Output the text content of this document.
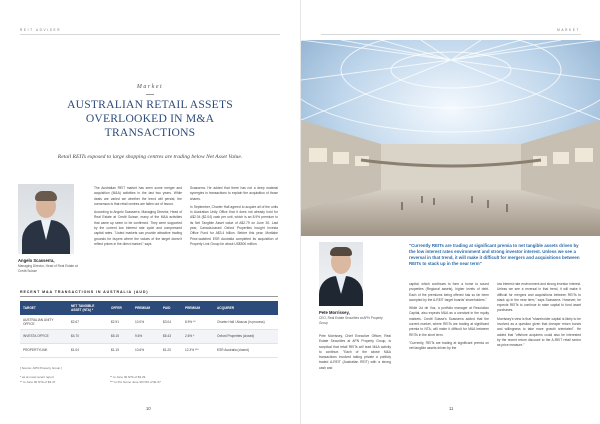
REIT ADVISER
Market
AUSTRALIAN RETAIL ASSETS OVERLOOKED IN M&A TRANSACTIONS
Retail REITs exposed to large shopping centres are trading below Net Asset Value.
Angelo Scasserra,
Managing Director, Head of Real Estate at Credit Suisse

The Australian REIT market has seen some merger and acquisition (M&A) activities in the last two years. While deals are varied we whether the trend will persist, the consensus is that retail centres are fallen out of favour.

According to Angelo Scasserra, Managing Director, Head of Real Estate at Credit Suisse, many of the M&A activities that came up seem to be confirmed. They were supported by the current low interest rate cycle and compressed capital rates. "Listed markets can provide attractive trading grounds for buyers where the values of the target doesn't reflect prices in the direct market," says

Scasserra. He added that there has not a deep material synergies in transactions to explain the acquisition of those shares.

In September, Charter Hall agreed to acquire all of the units in Australian Unity Office that it does not already hold for A$2.04 ($2.04) cash per unit, which is an 8.9% premium to its Net Tangible Asset value of A$2.79 on June 30. Last year, Canada-based Oxford Properties bought Investa Office Fund for A$3.4 billion. Before this year, Mortlake Price-watched ESR Australia completed its acquisition of Property Link Group for about US$500 million.

RECENT M&A TRANSACTIONS IN AUSTRALIA (AUD)
TARGET	NET TANGIBLE ASSET (NTA) *	OFFER	PREMIUM	PAID	PREMIUM	ACQUIRER
AUSTRALIAN UNITY OFFICE	$2.67	$2.91	10.0%	$3.04	8.9% **	Charter Hall / Abacus (in process)
INVESTA OFFICE	$4.70	$5.15	9.6%	$5.43	2.6% *	Oxford Properties (closed)
PROPERTYLINK	$1.04	$1.15	10.6%	$1.20	12.3% ***	ESR Australia (closed)
[ Source: APN Property Group ]
* as at most recent report
** to June 30 NTA of $3.47
** to June 30 NTA of $3.29
*** to Pre Nomo June 30 NTA of $1.07
10
MARKET
Pete Morrissey,
CEO, Real Estate Securities at APN Property Group
"Currently REITs are trading at significant premia to net tangible assets driven by the low interest rates environment and strong investor interest. Unless we see a reversal in that trend, it will make it difficult for mergers and acquisitions between REITs to stack up in the near term"

Pete Morrissey, Chief Executive Officer, Real Estate Securities at APN Property Group, is sceptical that retail REITs will lead M&A activity to continue. "Each of the above M&A transactions involved taking private a publicly traded A-REIT (Australian REIT) with a strong cash and

capital, which continues to form a home to sound properties (Regional assets), higher levels of debt. Each of the premiums being offered has so far been accepted by the A-REIT target boards' shareholders."

While Jui de Vos, a portfolio manager at Resolution Capital, also expects M&A as a constant in the equity markets. Credit Suisse's Scasserra added that the current market, where REITs are trading at significant premia to NTA, will make it difficult for M&A between REITs in the short term.

"Currently, REITs are trading at significant premia on net tangible assets driven by the

low interest rate environment and strong investor interest. Unless we see a reversal in that trend, it will make it difficult for mergers and acquisitions between REITs to stack up in the near term," says Scasserra. However, he expects REITs to continue to raise capital to fund asset purchases.

Morrissey's view is that "shareholder capital is likely to be involved as a question given that cheaper return bonds and willingness to take more growth orientated". He added that "offshore acquirers could also be interested by the recent return discount to the A-REIT retail sector as price measure."

11
